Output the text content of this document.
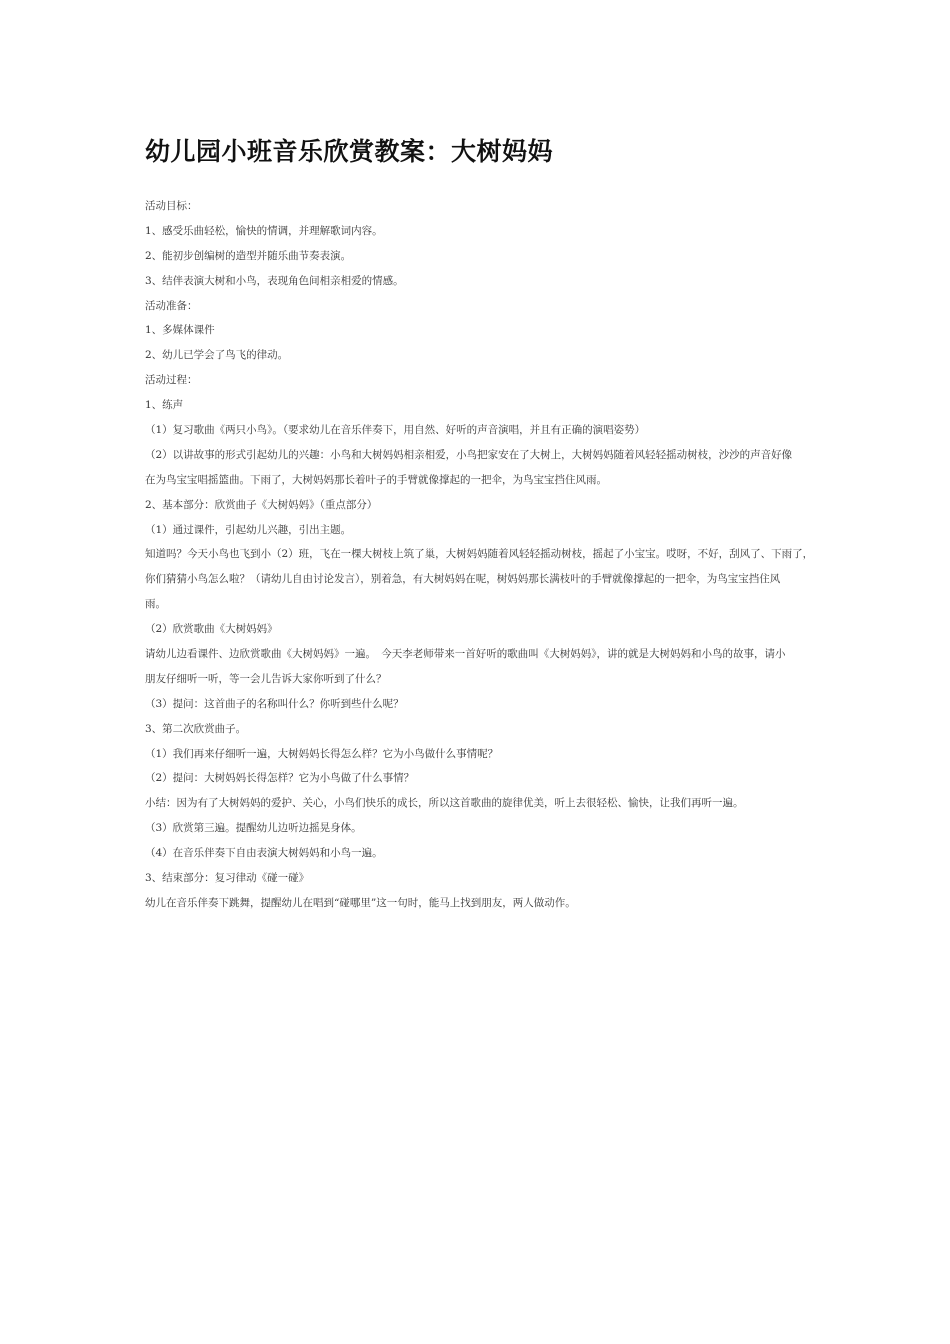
幼儿园小班音乐欣赏教案：大树妈妈
活动目标：
1、感受乐曲轻松，愉快的情调，并理解歌词内容。
2、能初步创编树的造型并随乐曲节奏表演。
3、结伴表演大树和小鸟，表现角色间相亲相爱的情感。
活动准备：
1、多媒体课件
2、幼儿已学会了鸟飞的律动。
活动过程：
1、练声
（1）复习歌曲《两只小鸟》。（要求幼儿在音乐伴奏下，用自然、好听的声音演唱，并且有正确的演唱姿势）
（2）以讲故事的形式引起幼儿的兴趣：小鸟和大树妈妈相亲相爱，小鸟把家安在了大树上，大树妈妈随着风轻轻摇动树枝，沙沙的声音好像
在为鸟宝宝唱摇篮曲。下雨了，大树妈妈那长着叶子的手臂就像撑起的一把伞，为鸟宝宝挡住风雨。
2、基本部分：欣赏曲子《大树妈妈》（重点部分）
（1）通过课件，引起幼儿兴趣，引出主题。
知道吗？今天小鸟也飞到小（2）班，飞在一棵大树枝上筑了巢，大树妈妈随着风轻轻摇动树枝，摇起了小宝宝。哎呀，不好，刮风了、下雨了，
你们猜猜小鸟怎么啦？（请幼儿自由讨论发言），别着急，有大树妈妈在呢，树妈妈那长满枝叶的手臂就像撑起的一把伞，为鸟宝宝挡住风
雨。
（2）欣赏歌曲《大树妈妈》
请幼儿边看课件、边欣赏歌曲《大树妈妈》一遍。　今天李老师带来一首好听的歌曲叫《大树妈妈》，讲的就是大树妈妈和小鸟的故事，请小
朋友仔细听一听，等一会儿告诉大家你听到了什么？
（3）提问：这首曲子的名称叫什么？你听到些什么呢？
3、第二次欣赏曲子。
（1）我们再来仔细听一遍，大树妈妈长得怎么样？它为小鸟做什么事情呢？
（2）提问：大树妈妈长得怎样？它为小鸟做了什么事情？
小结：因为有了大树妈妈的爱护、关心，小鸟们快乐的成长，所以这首歌曲的旋律优美，听上去很轻松、愉快，让我们再听一遍。
（3）欣赏第三遍。提醒幼儿边听边摇晃身体。
（4）在音乐伴奏下自由表演大树妈妈和小鸟一遍。
3、结束部分：复习律动《碰一碰》
幼儿在音乐伴奏下跳舞，提醒幼儿在唱到“碰哪里”这一句时，能马上找到朋友，两人做动作。
